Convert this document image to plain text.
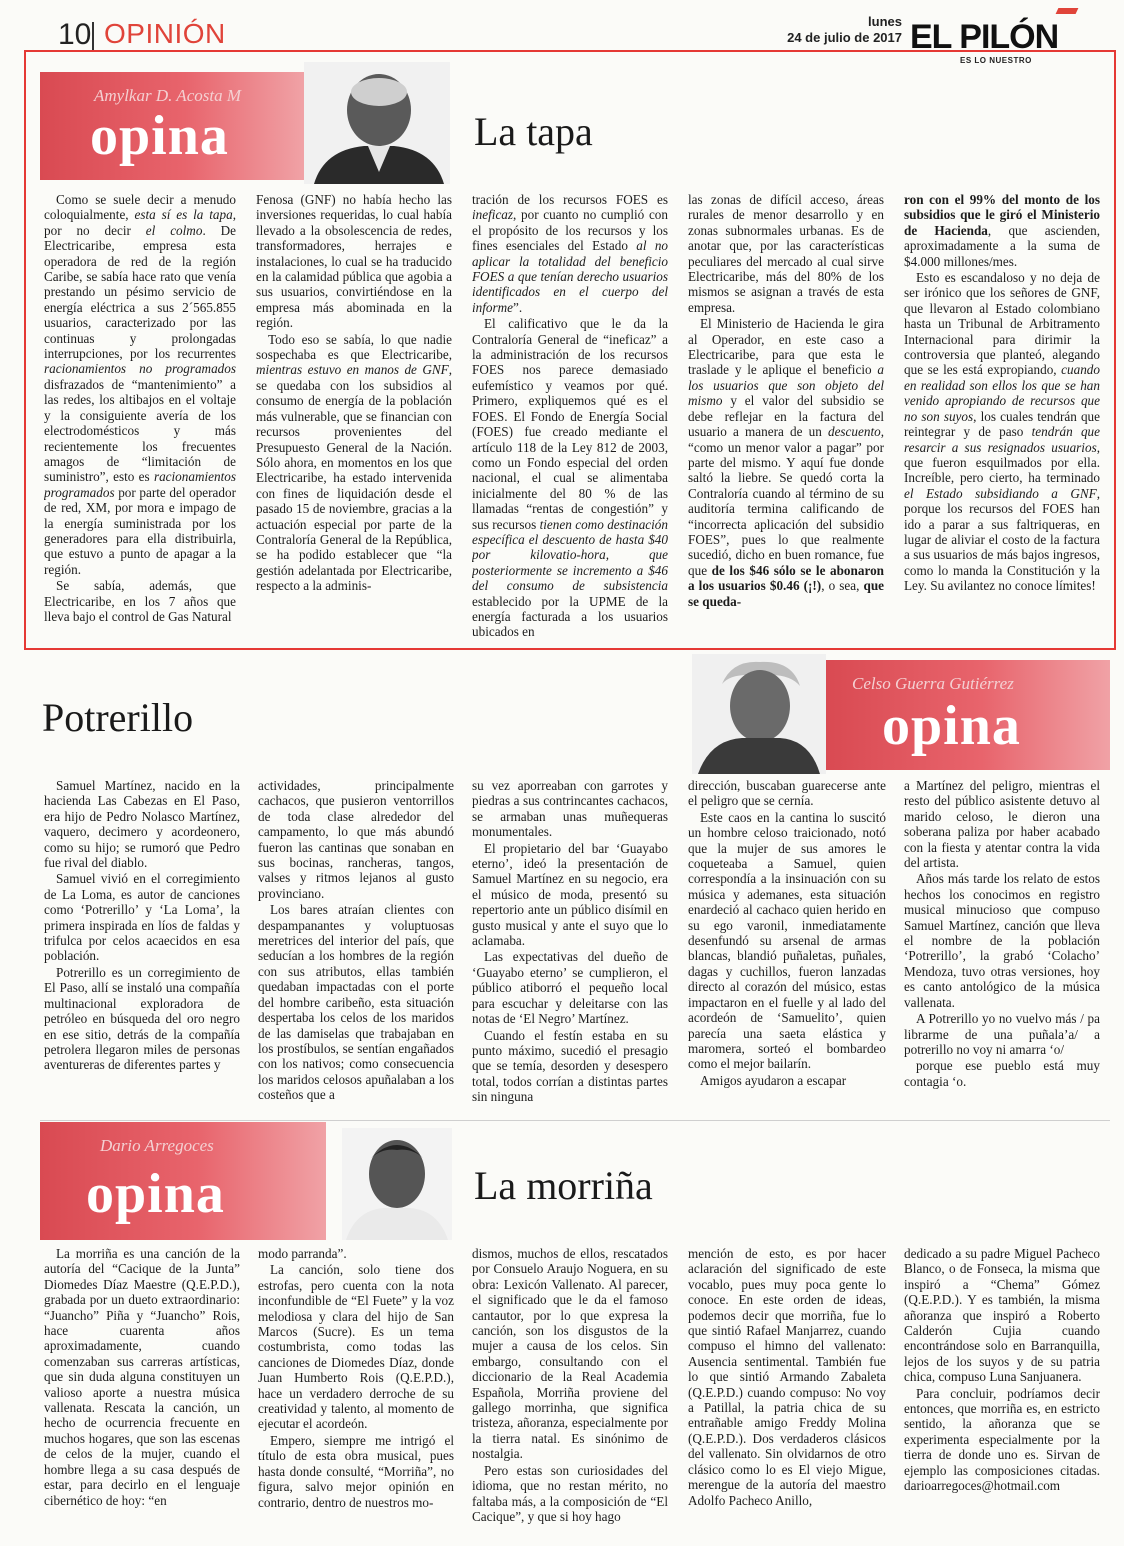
10 OPINIÓN	lunes
24 de julio de 2017 EL PILÓN
ES LO NUESTRO
Amylkar D. Acosta M
opina	La tapa

Como se suele decir a menudo coloquialmente, esta sí es la tapa, por no decir el colmo. De Electricaribe, empresa esta operadora de red de la región Caribe, se sabía hace rato que venía prestando un pésimo servicio de energía eléctrica a sus 2´565.855 usuarios, caracterizado por las continuas y prolongadas interrupciones, por los recurrentes racionamientos no programados disfrazados de “mantenimiento” a las redes, los altibajos en el voltaje y la consiguiente avería de los electrodomésticos y más recientemente los frecuentes amagos de “limitación de suministro”, esto es racionamientos programados por parte del operador de red, XM, por mora e impago de la energía suministrada por los generadores para ella distribuirla, que estuvo a punto de apagar a la región.

Se sabía, además, que Electricaribe, en los 7 años que lleva bajo el control de Gas Natural

Fenosa (GNF) no había hecho las inversiones requeridas, lo cual había llevado a la obsolescencia de redes, transformadores, herrajes e instalaciones, lo cual se ha traducido en la calamidad pública que agobia a sus usuarios, convirtiéndose en la empresa más abominada en la región.

Todo eso se sabía, lo que nadie sospechaba es que Electricaribe, mientras estuvo en manos de GNF, se quedaba con los subsidios al consumo de energía de la población más vulnerable, que se financian con recursos provenientes del Presupuesto General de la Nación. Sólo ahora, en momentos en los que Electricaribe, ha estado intervenida con fines de liquidación desde el pasado 15 de noviembre, gracias a la actuación especial por parte de la Contraloría General de la República, se ha podido establecer que “la gestión adelantada por Electricaribe, respecto a la adminis-

tración de los recursos FOES es ineficaz, por cuanto no cumplió con el propósito de los recursos y los fines esenciales del Estado al no aplicar la totalidad del beneficio FOES a que tenían derecho usuarios identificados en el cuerpo del informe”.

El calificativo que le da la Contraloría General de “ineficaz” a la administración de los recursos FOES nos parece demasiado eufemístico y veamos por qué. Primero, expliquemos qué es el FOES. El Fondo de Energía Social (FOES) fue creado mediante el artículo 118 de la Ley 812 de 2003, como un Fondo especial del orden nacional, el cual se alimentaba inicialmente del 80 % de las llamadas “rentas de congestión” y sus recursos tienen como destinación específica el descuento de hasta $40 por kilovatio-hora, que posteriormente se incremento a $46 del consumo de subsistencia establecido por la UPME de la energía facturada a los usuarios ubicados en

las zonas de difícil acceso, áreas rurales de menor desarrollo y en zonas subnormales urbanas. Es de anotar que, por las características peculiares del mercado al cual sirve Electricaribe, más del 80% de los mismos se asignan a través de esta empresa.

El Ministerio de Hacienda le gira al Operador, en este caso a Electricaribe, para que esta le traslade y le aplique el beneficio a los usuarios que son objeto del mismo y el valor del subsidio se debe reflejar en la factura del usuario a manera de un descuento, “como un menor valor a pagar” por parte del mismo. Y aquí fue donde saltó la liebre. Se quedó corta la Contraloría cuando al término de su auditoría termina calificando de “incorrecta aplicación del subsidio FOES”, pues lo que realmente sucedió, dicho en buen romance, fue que de los $46 sólo se le abonaron a los usuarios $0.46 (¡!), o sea, que se queda-

ron con el 99% del monto de los subsidios que le giró el Ministerio de Hacienda, que ascienden, aproximadamente a la suma de $4.000 millones/mes.

Esto es escandaloso y no deja de ser irónico que los señores de GNF, que llevaron al Estado colombiano hasta un Tribunal de Arbitramento Internacional para dirimir la controversia que planteó, alegando que se les está expropiando, cuando en realidad son ellos los que se han venido apropiando de recursos que no son suyos, los cuales tendrán que reintegrar y de paso tendrán que resarcir a sus resignados usuarios, que fueron esquilmados por ella. Increíble, pero cierto, ha terminado el Estado subsidiando a GNF, porque los recursos del FOES han ido a parar a sus faltriqueras, en lugar de aliviar el costo de la factura a sus usuarios de más bajos ingresos, como lo manda la Constitución y la Ley. Su avilantez no conoce límites!

Potrerillo
Celso Guerra Gutiérrez
opina

Samuel Martínez, nacido en la hacienda Las Cabezas en El Paso, era hijo de Pedro Nolasco Martínez, vaquero, decimero y acordeonero, como su hijo; se rumoró que Pedro fue rival del diablo.

Samuel vivió en el corregimiento de La Loma, es autor de canciones como ‘Potrerillo’ y ‘La Loma’, la primera inspirada en líos de faldas y trifulca por celos acaecidos en esa población.

Potrerillo es un corregimiento de El Paso, allí se instaló una compañía multinacional exploradora de petróleo en búsqueda del oro negro en ese sitio, detrás de la compañía petrolera llegaron miles de personas aventureras de diferentes partes y

actividades, principalmente cachacos, que pusieron ventorrillos de toda clase alrededor del campamento, lo que más abundó fueron las cantinas que sonaban en sus bocinas, rancheras, tangos, valses y ritmos lejanos al gusto provinciano.

Los bares atraían clientes con despampanantes y voluptuosas meretrices del interior del país, que seducían a los hombres de la región con sus atributos, ellas también quedaban impactadas con el porte del hombre caribeño, esta situación despertaba los celos de los maridos de las damiselas que trabajaban en los prostíbulos, se sentían engañados con los nativos; como consecuencia los maridos celosos apuñalaban a los costeños que a

su vez aporreaban con garrotes y piedras a sus contrincantes cachacos, se armaban unas muñequeras monumentales.

El propietario del bar ‘Guayabo eterno’, ideó la presentación de Samuel Martínez en su negocio, era el músico de moda, presentó su repertorio ante un público disímil en gusto musical y ante el suyo que lo aclamaba.

Las expectativas del dueño de ‘Guayabo eterno’ se cumplieron, el público atiborró el pequeño local para escuchar y deleitarse con las notas de ‘El Negro’ Martínez.

Cuando el festín estaba en su punto máximo, sucedió el presagio que se temía, desorden y desespero total, todos corrían a distintas partes sin ninguna

dirección, buscaban guarecerse ante el peligro que se cernía.

Este caos en la cantina lo suscitó un hombre celoso traicionado, notó que la mujer de sus amores le coqueteaba a Samuel, quien correspondía a la insinuación con su música y ademanes, esta situación enardeció al cachaco quien herido en su ego varonil, inmediatamente desenfundó su arsenal de armas blancas, blandió puñaletas, puñales, dagas y cuchillos, fueron lanzadas directo al corazón del músico, estas impactaron en el fuelle y al lado del acordeón de ‘Samuelito’, quien parecía una saeta elástica y maromera, sorteó el bombardeo como el mejor bailarín.

Amigos ayudaron a escapar

a Martínez del peligro, mientras el resto del público asistente detuvo al marido celoso, le dieron una soberana paliza por haber acabado con la fiesta y atentar contra la vida del artista.

Años más tarde los relato de estos hechos los conocimos en registro musical minucioso que compuso Samuel Martínez, canción que lleva el nombre de la población ‘Potrerillo’, la grabó ‘Colacho’ Mendoza, tuvo otras versiones, hoy es canto antológico de la música vallenata.

A Potrerillo yo no vuelvo más / pa librarme de una puñala’a/ a potrerillo no voy ni amarra ‘o/

porque ese pueblo está muy contagia ‘o.

Dario Arregoces
opina	La morriña

La morriña es una canción de la autoría del “Cacique de la Junta” Diomedes Díaz Maestre (Q.E.P.D.), grabada por un dueto extraordinario: “Juancho” Piña y “Juancho” Rois, hace cuarenta años aproximadamente, cuando comenzaban sus carreras artísticas, que sin duda alguna constituyen un valioso aporte a nuestra música vallenata. Rescata la canción, un hecho de ocurrencia frecuente en muchos hogares, que son las escenas de celos de la mujer, cuando el hombre llega a su casa después de estar, para decirlo en el lenguaje cibernético de hoy: “en

modo parranda”.

La canción, solo tiene dos estrofas, pero cuenta con la nota inconfundible de “El Fuete” y la voz melodiosa y clara del hijo de San Marcos (Sucre). Es un tema costumbrista, como todas las canciones de Diomedes Díaz, donde Juan Humberto Rois (Q.E.P.D.), hace un verdadero derroche de su creatividad y talento, al momento de ejecutar el acordeón.

Empero, siempre me intrigó el título de esta obra musical, pues hasta donde consulté, “Morriña”, no figura, salvo mejor opinión en contrario, dentro de nuestros mo-

dismos, muchos de ellos, rescatados por Consuelo Araujo Noguera, en su obra: Lexicón Vallenato. Al parecer, el significado que le da el famoso cantautor, por lo que expresa la canción, son los disgustos de la mujer a causa de los celos. Sin embargo, consultando con el diccionario de la Real Academia Española, Morriña proviene del gallego morrinha, que significa tristeza, añoranza, especialmente por la tierra natal. Es sinónimo de nostalgia.

Pero estas son curiosidades del idioma, que no restan mérito, no faltaba más, a la composición de “El Cacique”, y que si hoy hago

mención de esto, es por hacer aclaración del significado de este vocablo, pues muy poca gente lo conoce. En este orden de ideas, podemos decir que morriña, fue lo que sintió Rafael Manjarrez, cuando compuso el himno del vallenato: Ausencia sentimental. También fue lo que sintió Armando Zabaleta (Q.E.P.D.) cuando compuso: No voy a Patillal, la patria chica de su entrañable amigo Freddy Molina (Q.E.P.D.). Dos verdaderos clásicos del vallenato. Sin olvidarnos de otro clásico como lo es El viejo Migue, merengue de la autoría del maestro Adolfo Pacheco Anillo,

dedicado a su padre Miguel Pacheco Blanco, o de Fonseca, la misma que inspiró a “Chema” Gómez (Q.E.P.D.). Y es también, la misma añoranza que inspiró a Roberto Calderón Cujia cuando encontrándose solo en Barranquilla, lejos de los suyos y de su patria chica, compuso Luna Sanjuanera.

Para concluir, podríamos decir entonces, que morriña es, en estricto sentido, la añoranza que se experimenta especialmente por la tierra de donde uno es. Sirvan de ejemplo las composiciones citadas. darioarregoces@hotmail.com
